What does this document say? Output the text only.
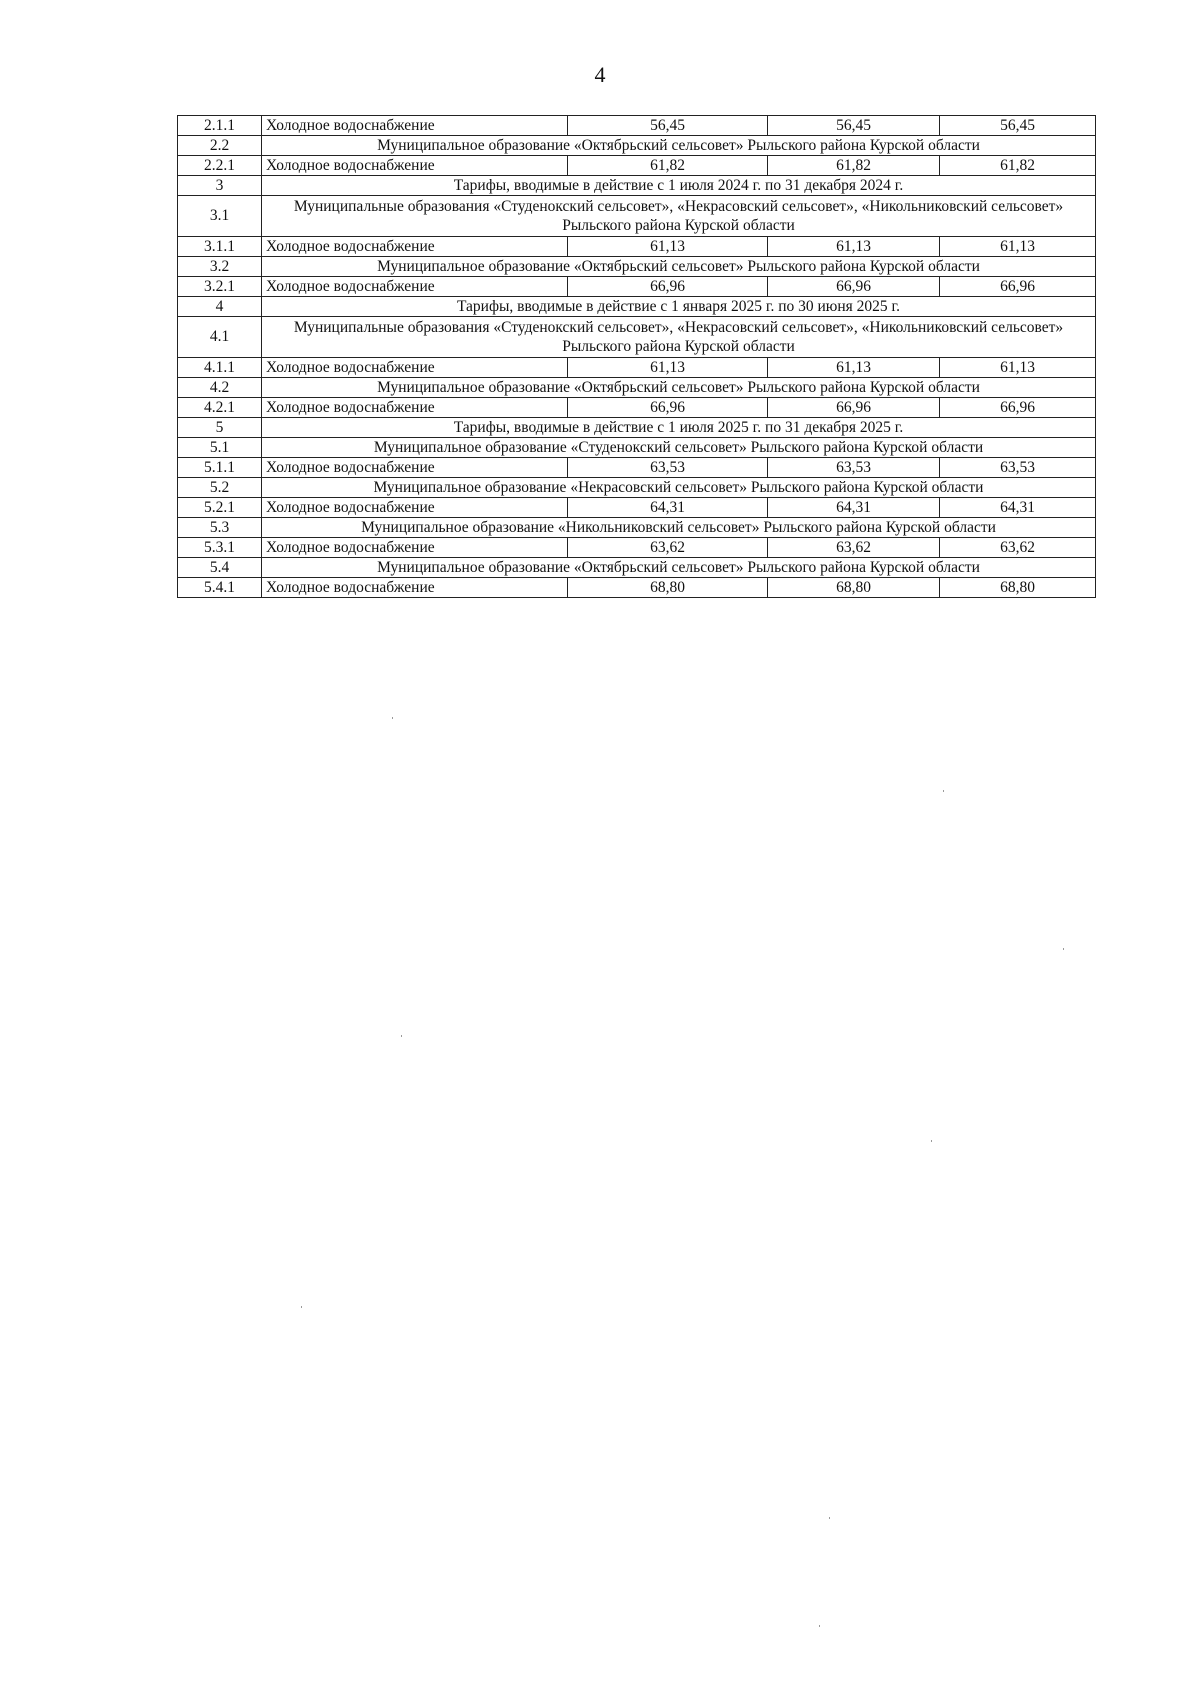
4
2.1.1	Холодное водоснабжение	56,45	56,45	56,45
2.2	Муниципальное образование «Октябрьский сельсовет» Рыльского района Курской области			
2.2.1	Холодное водоснабжение	61,82	61,82	61,82
3	Тарифы, вводимые в действие с 1 июля 2024 г. по 31 декабря 2024 г.			
3.1	Муниципальные образования «Студенокский сельсовет», «Некрасовский сельсовет», «Никольниковский сельсовет» Рыльского района Курской области			
3.1.1	Холодное водоснабжение	61,13	61,13	61,13
3.2	Муниципальное образование «Октябрьский сельсовет» Рыльского района Курской области			
3.2.1	Холодное водоснабжение	66,96	66,96	66,96
4	Тарифы, вводимые в действие с 1 января 2025 г. по 30 июня 2025 г.			
4.1	Муниципальные образования «Студенокский сельсовет», «Некрасовский сельсовет», «Никольниковский сельсовет» Рыльского района Курской области			
4.1.1	Холодное водоснабжение	61,13	61,13	61,13
4.2	Муниципальное образование «Октябрьский сельсовет» Рыльского района Курской области			
4.2.1	Холодное водоснабжение	66,96	66,96	66,96
5	Тарифы, вводимые в действие с 1 июля 2025 г. по 31 декабря 2025 г.			
5.1	Муниципальное образование «Студенокский сельсовет» Рыльского района Курской области			
5.1.1	Холодное водоснабжение	63,53	63,53	63,53
5.2	Муниципальное образование «Некрасовский сельсовет» Рыльского района Курской области			
5.2.1	Холодное водоснабжение	64,31	64,31	64,31
5.3	Муниципальное образование «Никольниковский сельсовет» Рыльского района Курской области			
5.3.1	Холодное водоснабжение	63,62	63,62	63,62
5.4	Муниципальное образование «Октябрьский сельсовет» Рыльского района Курской области			
5.4.1	Холодное водоснабжение	68,80	68,80	68,80
